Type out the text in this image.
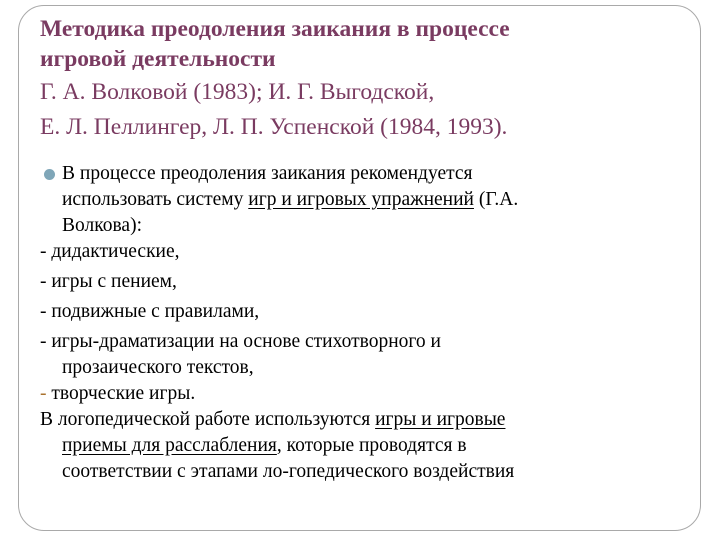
Методика преодоления заикания в процессе
игровой деятельности
Г. А. Волковой (1983); И. Г. Выгодской,
Е. Л. Пеллингер, Л. П. Успенской (1984, 1993).
В процессе преодоления заикания рекомендуется
использовать систему игр и игровых упражнений (Г.А.
Волкова):
- дидактические,
- игры с пением,
- подвижные с правилами,
- игры-драматизации на основе стихотворного и
прозаического текстов,
- творческие игры.
В логопедической работе используются игры и игровые
приемы для расслабления, которые проводятся в
соответствии с этапами ло-гопедического воздействия
